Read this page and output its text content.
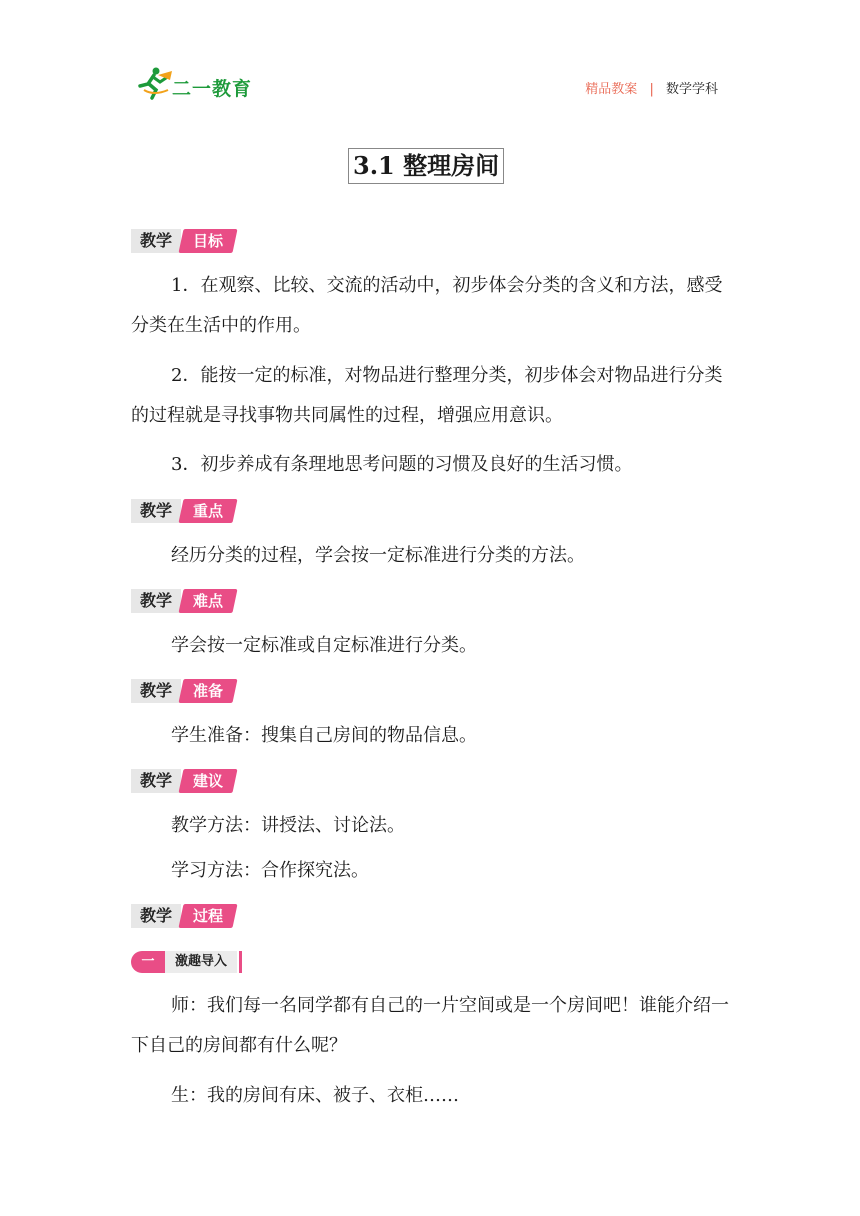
二一教育	精品教案 | 数学学科
3.1 整理房间
教学	目标
1．在观察、比较、交流的活动中，初步体会分类的含义和方法，感受分类在生活中的作用。
2．能按一定的标准，对物品进行整理分类，初步体会对物品进行分类的过程就是寻找事物共同属性的过程，增强应用意识。
3．初步养成有条理地思考问题的习惯及良好的生活习惯。
教学	重点
经历分类的过程，学会按一定标准进行分类的方法。
教学	难点
学会按一定标准或自定标准进行分类。
教学	准备
学生准备：搜集自己房间的物品信息。
教学	建议
教学方法：讲授法、讨论法。
学习方法：合作探究法。
教学	过程
一	激趣导入
师：我们每一名同学都有自己的一片空间或是一个房间吧！谁能介绍一下自己的房间都有什么呢？
生：我的房间有床、被子、衣柜……
